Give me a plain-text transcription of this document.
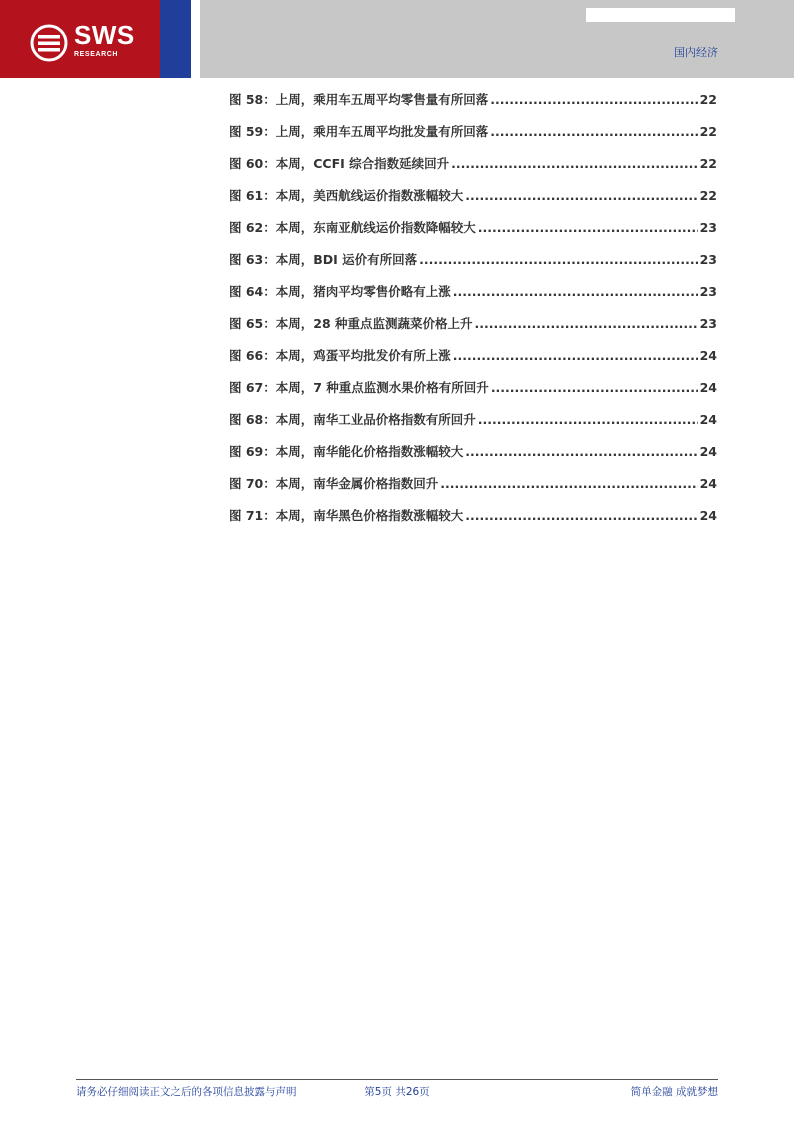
SWS
RESEARCH	国内经济
图 58：上周，乘用车五周平均零售量有所回落 .....	22
图 59：上周，乘用车五周平均批发量有所回落 .....	22
图 60：本周，CCFI 综合指数延续回升 .....	22
图 61：本周，美西航线运价指数涨幅较大 .....	22
图 62：本周，东南亚航线运价指数降幅较大 .....	23
图 63：本周，BDI 运价有所回落 .....	23
图 64：本周，猪肉平均零售价略有上涨 .....	23
图 65：本周，28 种重点监测蔬菜价格上升 .....	23
图 66：本周，鸡蛋平均批发价有所上涨 .....	24
图 67：本周，7 种重点监测水果价格有所回升 .....	24
图 68：本周，南华工业品价格指数有所回升 .....	24
图 69：本周，南华能化价格指数涨幅较大 .....	24
图 70：本周，南华金属价格指数回升 .....	24
图 71：本周，南华黑色价格指数涨幅较大 .....	24
请务必仔细阅读正文之后的各项信息披露与声明	第5页 共26页	简单金融 成就梦想
